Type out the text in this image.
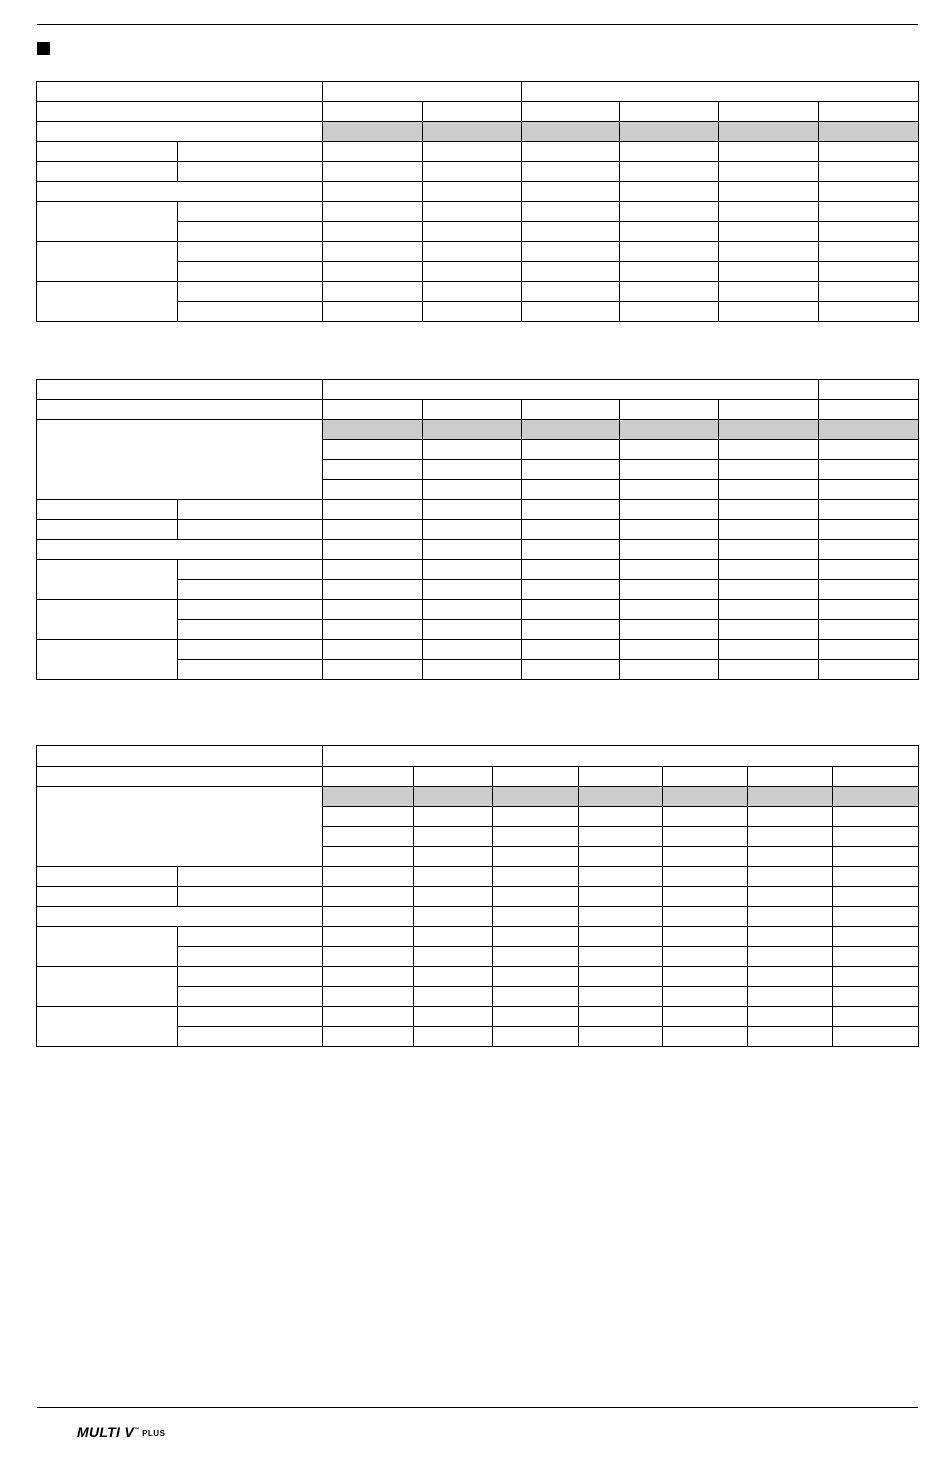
MULTI V ™ PLUS
